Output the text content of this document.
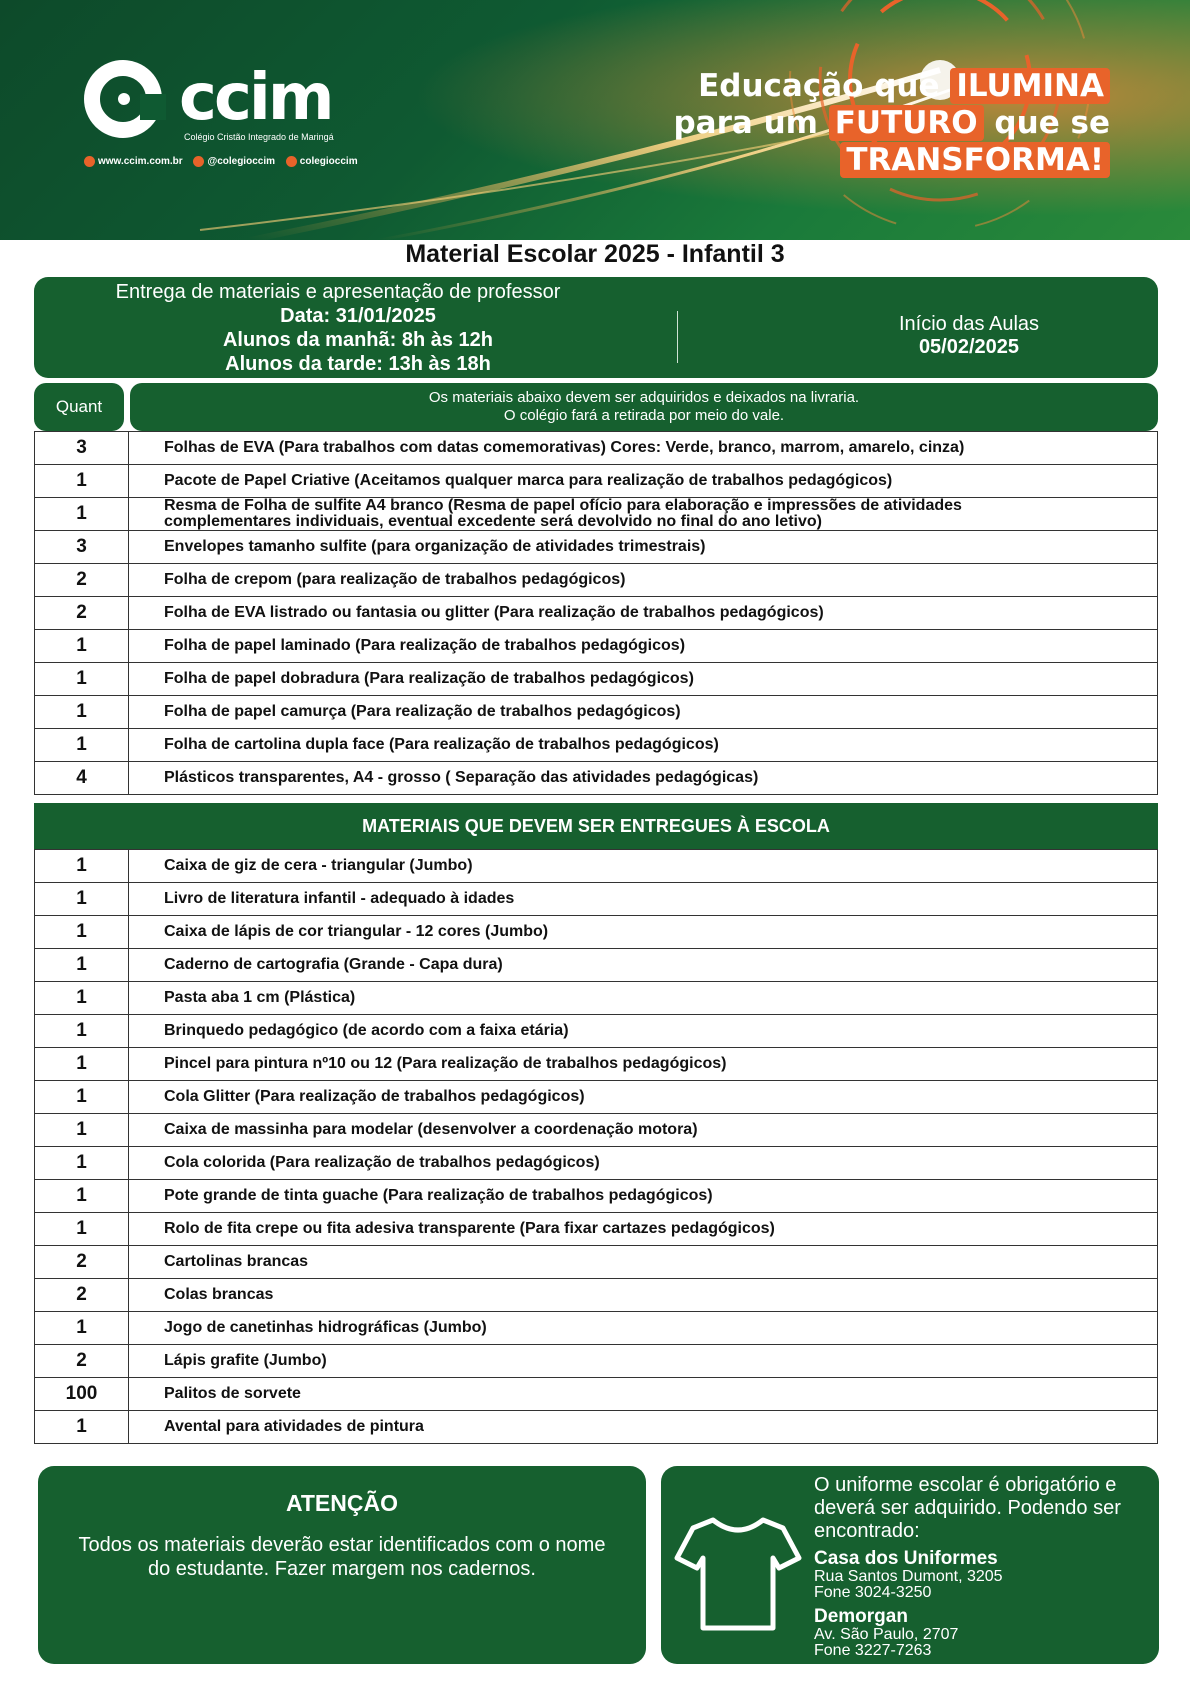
ccim
Colégio Cristão Integrado de Maringá
www.ccim.com.br @colegioccim colegioccim
Educação que ILUMINA
para um FUTURO que se
TRANSFORMA!
Material Escolar 2025 - Infantil 3
Entrega de materiais e apresentação de professor
Data: 31/01/2025
Alunos da manhã: 8h às 12h
Alunos da tarde: 13h às 18h
Início das Aulas
05/02/2025
Quant	Os materiais abaixo devem ser adquiridos e deixados na livraria.
O colégio fará a retirada por meio do vale.
3	Folhas de EVA (Para trabalhos com datas comemorativas) Cores: Verde, branco, marrom, amarelo, cinza)
1	Pacote de Papel Criative (Aceitamos qualquer marca para realização de trabalhos pedagógicos)
1	Resma de Folha de sulfite A4 branco (Resma de papel ofício para elaboração e impressões de atividades
complementares individuais, eventual excedente será devolvido no final do ano letivo)

3	Envelopes tamanho sulfite (para organização de atividades trimestrais)
2	Folha de crepom (para realização de trabalhos pedagógicos)
2	Folha de EVA listrado ou fantasia ou glitter (Para realização de trabalhos pedagógicos)
1	Folha de papel laminado (Para realização de trabalhos pedagógicos)
1	Folha de papel dobradura (Para realização de trabalhos pedagógicos)
1	Folha de papel camurça (Para realização de trabalhos pedagógicos)
1	Folha de cartolina dupla face (Para realização de trabalhos pedagógicos)
4	Plásticos transparentes, A4 - grosso ( Separação das atividades pedagógicas)
MATERIAIS QUE DEVEM SER ENTREGUES À ESCOLA
1	Caixa de giz de cera - triangular (Jumbo)
1	Livro de literatura infantil - adequado à idades
1	Caixa de lápis de cor triangular - 12 cores (Jumbo)
1	Caderno de cartografia (Grande - Capa dura)
1	Pasta aba 1 cm (Plástica)
1	Brinquedo pedagógico (de acordo com a faixa etária)
1	Pincel para pintura nº10 ou 12 (Para realização de trabalhos pedagógicos)
1	Cola Glitter (Para realização de trabalhos pedagógicos)
1	Caixa de massinha para modelar (desenvolver a coordenação motora)
1	Cola colorida (Para realização de trabalhos pedagógicos)
1	Pote grande de tinta guache (Para realização de trabalhos pedagógicos)
1	Rolo de fita crepe ou fita adesiva transparente (Para fixar cartazes pedagógicos)
2	Cartolinas brancas
2	Colas brancas
1	Jogo de canetinhas hidrográficas (Jumbo)
2	Lápis grafite (Jumbo)
100	Palitos de sorvete
1	Avental para atividades de pintura
ATENÇÃO
Todos os materiais deverão estar identificados com o nome do estudante. Fazer margem nos cadernos.
O uniforme escolar é obrigatório e deverá ser adquirido. Podendo ser encontrado:
Casa dos Uniformes
Rua Santos Dumont, 3205
Fone 3024-3250
Demorgan
Av. São Paulo, 2707
Fone 3227-7263
